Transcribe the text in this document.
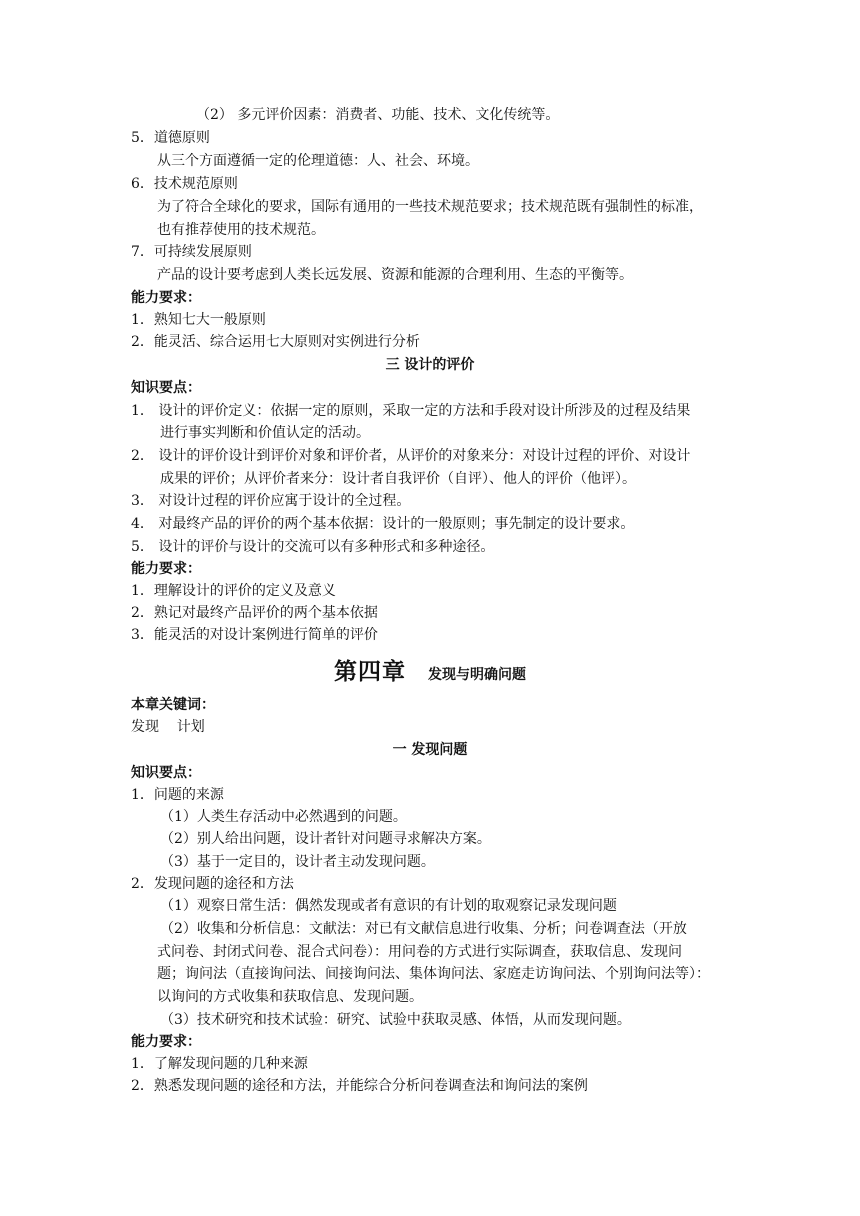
（2） 多元评价因素：消费者、功能、技术、文化传统等。
5．道德原则
从三个方面遵循一定的伦理道德：人、社会、环境。
6．技术规范原则
为了符合全球化的要求，国际有通用的一些技术规范要求；技术规范既有强制性的标准，
也有推荐使用的技术规范。
7．可持续发展原则
产品的设计要考虑到人类长远发展、资源和能源的合理利用、生态的平衡等。
能力要求：
1．熟知七大一般原则
2．能灵活、综合运用七大原则对实例进行分析
三 设计的评价
知识要点：
1． 设计的评价定义：依据一定的原则，采取一定的方法和手段对设计所涉及的过程及结果
进行事实判断和价值认定的活动。
2． 设计的评价设计到评价对象和评价者，从评价的对象来分：对设计过程的评价、对设计
成果的评价；从评价者来分：设计者自我评价（自评）、他人的评价（他评）。
3． 对设计过程的评价应寓于设计的全过程。
4． 对最终产品的评价的两个基本依据：设计的一般原则；事先制定的设计要求。
5． 设计的评价与设计的交流可以有多种形式和多种途径。
能力要求：
1．理解设计的评价的定义及意义
2．熟记对最终产品评价的两个基本依据
3．能灵活的对设计案例进行简单的评价
第四章 发现与明确问题
本章关键词：
发现    计划
一 发现问题
知识要点：
1．问题的来源
（1）人类生存活动中必然遇到的问题。
（2）别人给出问题，设计者针对问题寻求解决方案。
（3）基于一定目的，设计者主动发现问题。
2．发现问题的途径和方法
（1）观察日常生活：偶然发现或者有意识的有计划的取观察记录发现问题
（2）收集和分析信息：文献法：对已有文献信息进行收集、分析；问卷调查法（开放
式问卷、封闭式问卷、混合式问卷）：用问卷的方式进行实际调查，获取信息、发现问
题；询问法（直接询问法、间接询问法、集体询问法、家庭走访询问法、个别询问法等）：
以询问的方式收集和获取信息、发现问题。
（3）技术研究和技术试验：研究、试验中获取灵感、体悟，从而发现问题。
能力要求：
1．了解发现问题的几种来源
2．熟悉发现问题的途径和方法，并能综合分析问卷调查法和询问法的案例
